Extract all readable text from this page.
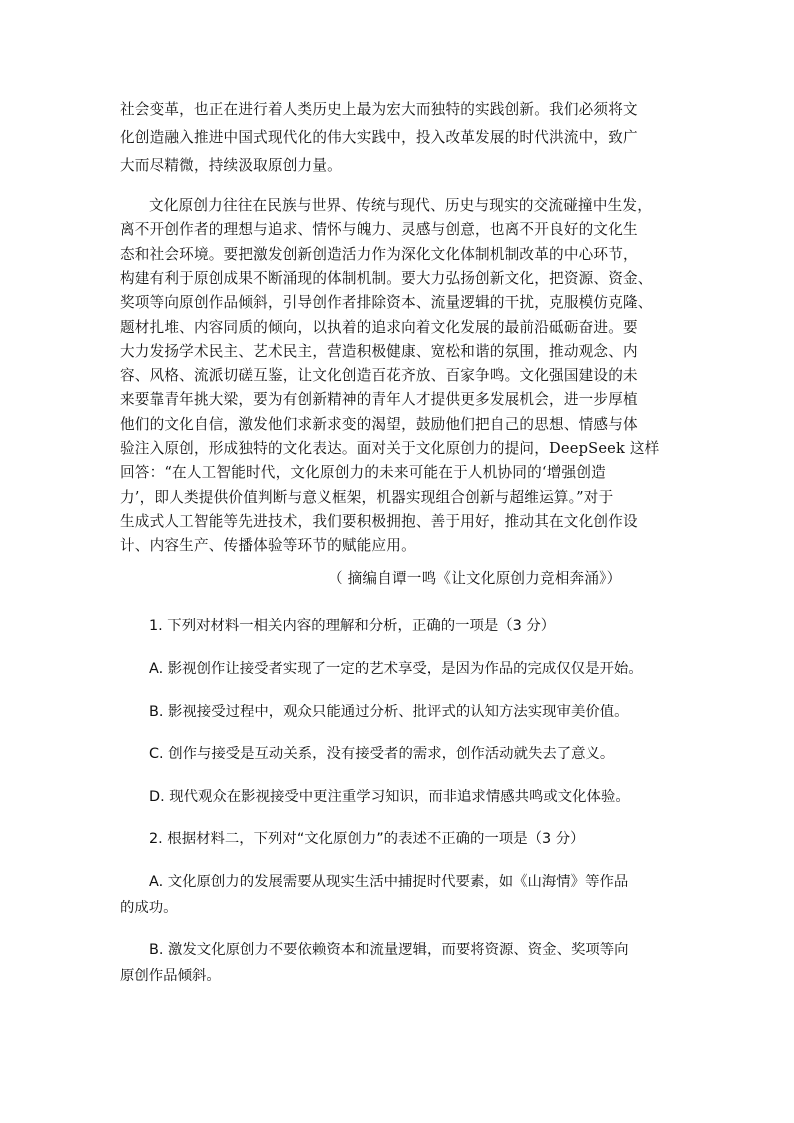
社会变革，也正在进行着人类历史上最为宏大而独特的实践创新。我们必须将文
化创造融入推进中国式现代化的伟大实践中，投入改革发展的时代洪流中，致广
大而尽精微，持续汲取原创力量。
文化原创力往往在民族与世界、传统与现代、历史与现实的交流碰撞中生发，
离不开创作者的理想与追求、情怀与魄力、灵感与创意，也离不开良好的文化生
态和社会环境。要把激发创新创造活力作为深化文化体制机制改革的中心环节，
构建有利于原创成果不断涌现的体制机制。要大力弘扬创新文化，把资源、资金、
奖项等向原创作品倾斜，引导创作者排除资本、流量逻辑的干扰，克服模仿克隆、
题材扎堆、内容同质的倾向，以执着的追求向着文化发展的最前沿砥砺奋进。要
大力发扬学术民主、艺术民主，营造积极健康、宽松和谐的氛围，推动观念、内
容、风格、流派切磋互鉴，让文化创造百花齐放、百家争鸣。文化强国建设的未
来要靠青年挑大梁，要为有创新精神的青年人才提供更多发展机会，进一步厚植
他们的文化自信，激发他们求新求变的渴望，鼓励他们把自己的思想、情感与体
验注入原创，形成独特的文化表达。面对关于文化原创力的提问，DeepSeek 这样
回答：“在人工智能时代，文化原创力的未来可能在于人机协同的‘增强创造
力’，即人类提供价值判断与意义框架，机器实现组合创新与超维运算。”对于
生成式人工智能等先进技术，我们要积极拥抱、善于用好，推动其在文化创作设
计、内容生产、传播体验等环节的赋能应用。
1. 下列对材料一相关内容的理解和分析，正确的一项是（3 分）
A. 影视创作让接受者实现了一定的艺术享受，是因为作品的完成仅仅是开始。
B. 影视接受过程中，观众只能通过分析、批评式的认知方法实现审美价值。
C. 创作与接受是互动关系，没有接受者的需求，创作活动就失去了意义。
D. 现代观众在影视接受中更注重学习知识，而非追求情感共鸣或文化体验。
2. 根据材料二，下列对“文化原创力”的表述不正确的一项是（3 分）
A. 文化原创力的发展需要从现实生活中捕捉时代要素，如《山海情》等作品
的成功。
B. 激发文化原创力不要依赖资本和流量逻辑，而要将资源、资金、奖项等向
原创作品倾斜。
（ 摘编自谭一鸣《让文化原创力竞相奔涌》）
